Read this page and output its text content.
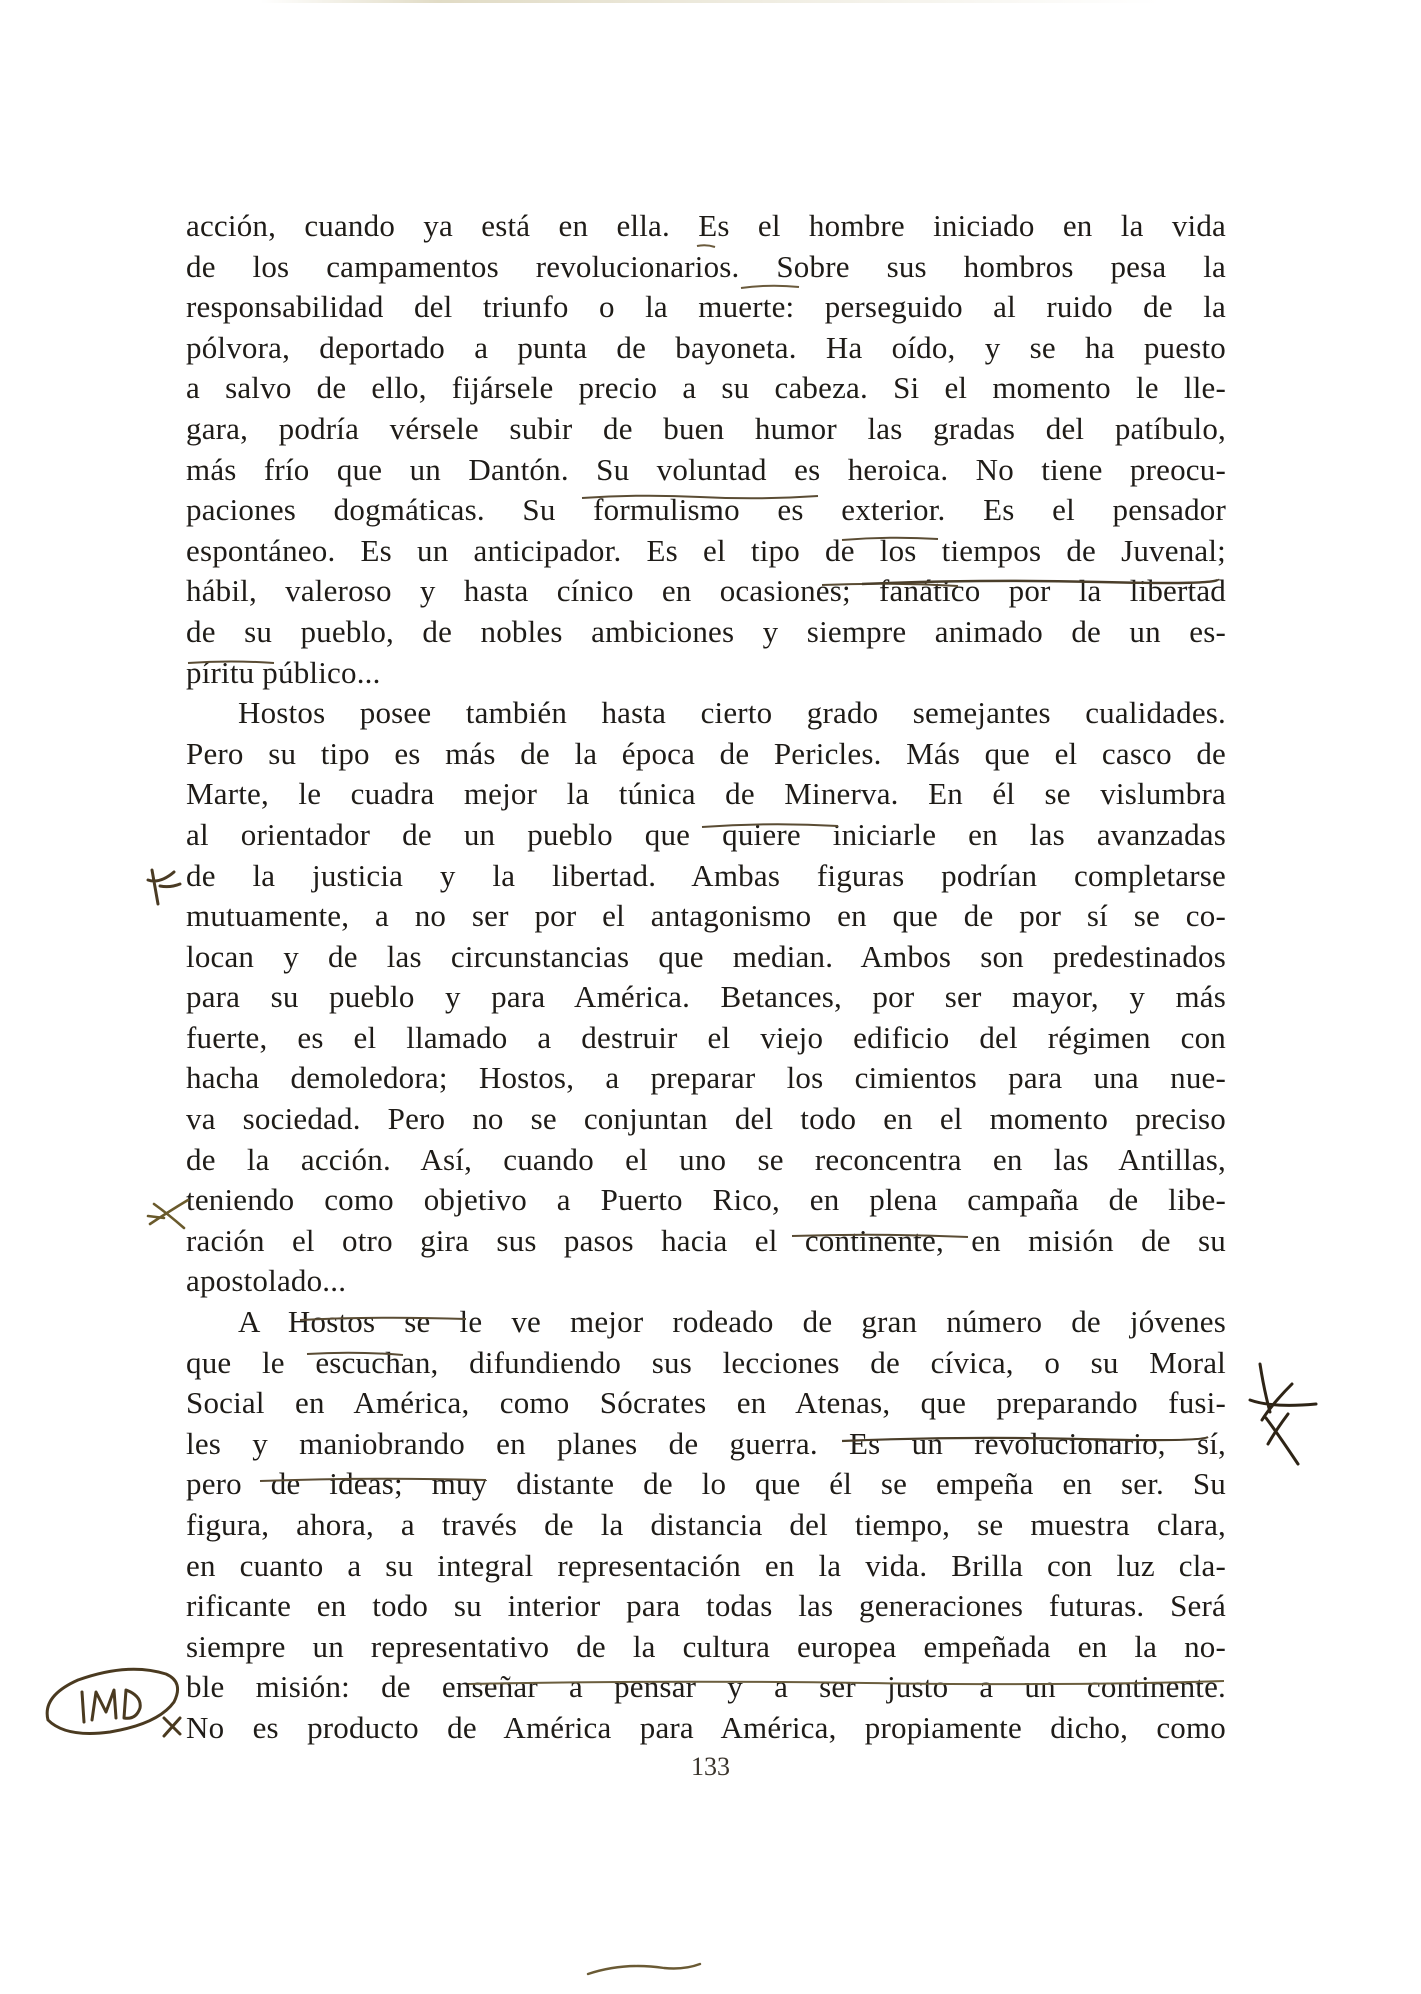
acción, cuando ya está en ella. Es el hombre iniciado en la vida
de los campamentos revolucionarios. Sobre sus hombros pesa la
responsabilidad del triunfo o la muerte: perseguido al ruido de la
pólvora, deportado a punta de bayoneta. Ha oído, y se ha puesto
a salvo de ello, fijársele precio a su cabeza. Si el momento le lle-
gara, podría vérsele subir de buen humor las gradas del patíbulo,
más frío que un Dantón. Su voluntad es heroica. No tiene preocu-
paciones dogmáticas. Su formulismo es exterior. Es el pensador
espontáneo. Es un anticipador. Es el tipo de los tiempos de Juvenal;
hábil, valeroso y hasta cínico en ocasiones; fanático por la libertad
de su pueblo, de nobles ambiciones y siempre animado de un es-
píritu público...
Hostos posee también hasta cierto grado semejantes cualidades.
Pero su tipo es más de la época de Pericles. Más que el casco de
Marte, le cuadra mejor la túnica de Minerva. En él se vislumbra
al orientador de un pueblo que quiere iniciarle en las avanzadas
de la justicia y la libertad. Ambas figuras podrían completarse
mutuamente, a no ser por el antagonismo en que de por sí se co-
locan y de las circunstancias que median. Ambos son predestinados
para su pueblo y para América. Betances, por ser mayor, y más
fuerte, es el llamado a destruir el viejo edificio del régimen con
hacha demoledora; Hostos, a preparar los cimientos para una nue-
va sociedad. Pero no se conjuntan del todo en el momento preciso
de la acción. Así, cuando el uno se reconcentra en las Antillas,
teniendo como objetivo a Puerto Rico, en plena campaña de libe-
ración el otro gira sus pasos hacia el continente, en misión de su
apostolado...
A Hostos se le ve mejor rodeado de gran número de jóvenes
que le escuchan, difundiendo sus lecciones de cívica, o su Moral
Social en América, como Sócrates en Atenas, que preparando fusi-
les y maniobrando en planes de guerra. Es un revolucionario, sí,
pero de ideas; muy distante de lo que él se empeña en ser. Su
figura, ahora, a través de la distancia del tiempo, se muestra clara,
en cuanto a su integral representación en la vida. Brilla con luz cla-
rificante en todo su interior para todas las generaciones futuras. Será
siempre un representativo de la cultura europea empeñada en la no-
ble misión: de enseñar a pensar y a ser justo a un continente.
No es producto de América para América, propiamente dicho, como
133
